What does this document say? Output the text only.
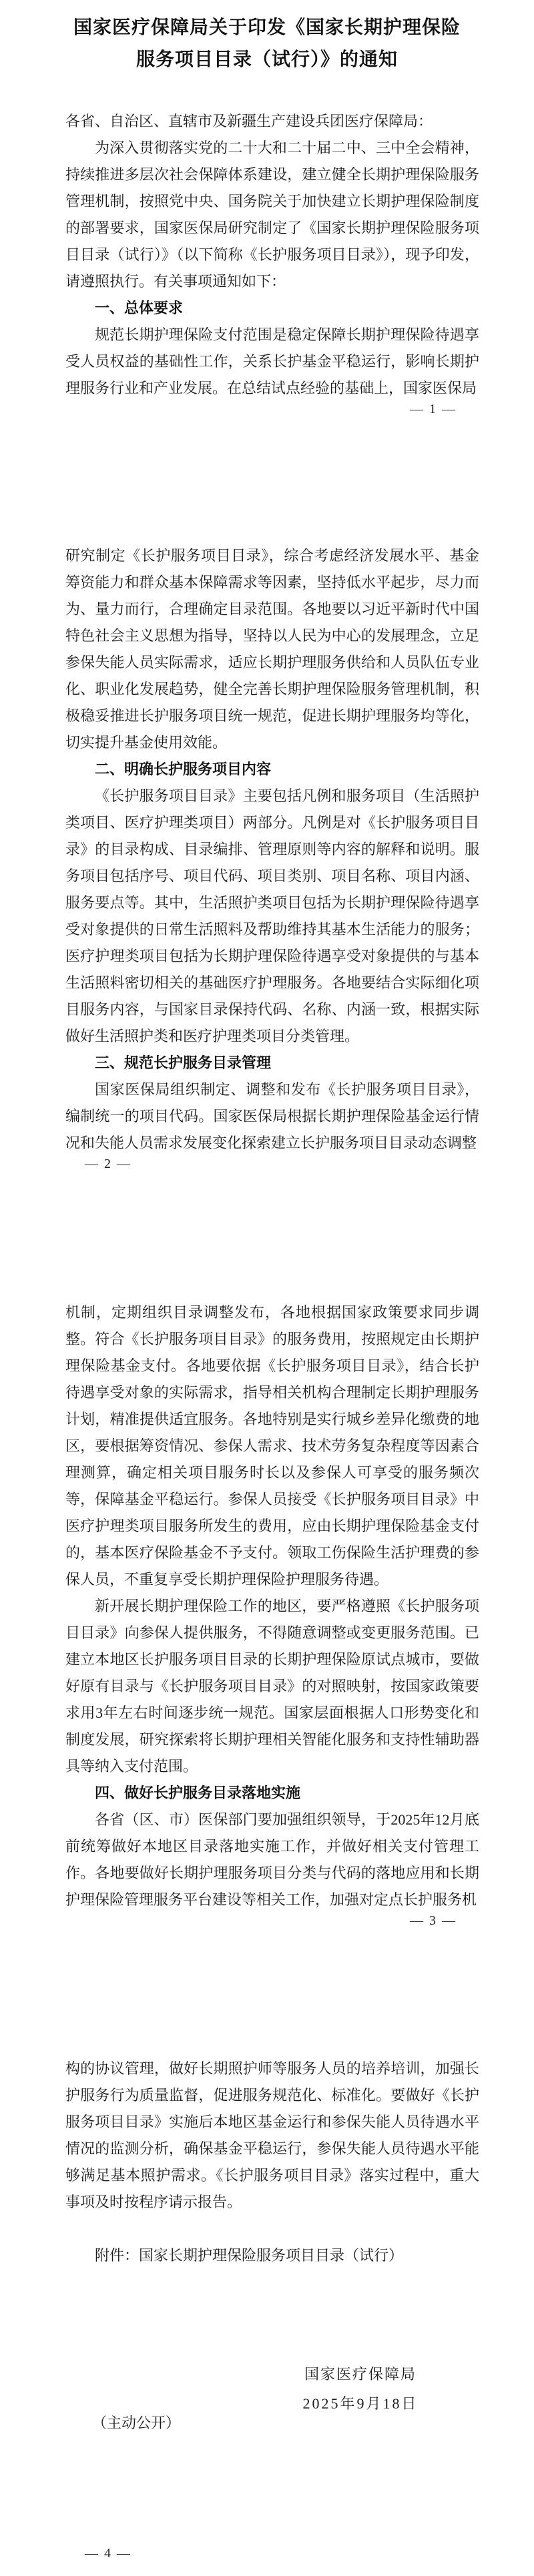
国家医疗保障局关于印发《国家长期护理保险
服务项目目录（试行）》的通知
各省、自治区、直辖市及新疆生产建设兵团医疗保障局：
为深入贯彻落实党的二十大和二十届二中、三中全会精神，持续推进多层次社会保障体系建设，建立健全长期护理保险服务管理机制，按照党中央、国务院关于加快建立长期护理保险制度的部署要求，国家医保局研究制定了《国家长期护理保险服务项目目录（试行）》（以下简称《长护服务项目目录》），现予印发，请遵照执行。有关事项通知如下：
一、总体要求
规范长期护理保险支付范围是稳定保障长期护理保险待遇享受人员权益的基础性工作，关系长护基金平稳运行，影响长期护理服务行业和产业发展。在总结试点经验的基础上，国家医保局
— 1 —
研究制定《长护服务项目目录》，综合考虑经济发展水平、基金筹资能力和群众基本保障需求等因素，坚持低水平起步，尽力而为、量力而行，合理确定目录范围。各地要以习近平新时代中国特色社会主义思想为指导，坚持以人民为中心的发展理念，立足参保失能人员实际需求，适应长期护理服务供给和人员队伍专业化、职业化发展趋势，健全完善长期护理保险服务管理机制，积极稳妥推进长护服务项目统一规范，促进长期护理服务均等化，切实提升基金使用效能。
二、明确长护服务项目内容
《长护服务项目目录》主要包括凡例和服务项目（生活照护类项目、医疗护理类项目）两部分。凡例是对《长护服务项目目录》的目录构成、目录编排、管理原则等内容的解释和说明。服务项目包括序号、项目代码、项目类别、项目名称、项目内涵、服务要点等。其中，生活照护类项目包括为长期护理保险待遇享受对象提供的日常生活照料及帮助维持其基本生活能力的服务；医疗护理类项目包括为长期护理保险待遇享受对象提供的与基本生活照料密切相关的基础医疗护理服务。各地要结合实际细化项目服务内容，与国家目录保持代码、名称、内涵一致，根据实际做好生活照护类和医疗护理类项目分类管理。
三、规范长护服务目录管理
国家医保局组织制定、调整和发布《长护服务项目目录》，编制统一的项目代码。国家医保局根据长期护理保险基金运行情况和失能人员需求发展变化探索建立长护服务项目目录动态调整
— 2 —
机制，定期组织目录调整发布，各地根据国家政策要求同步调整。符合《长护服务项目目录》的服务费用，按照规定由长期护理保险基金支付。各地要依据《长护服务项目目录》，结合长护待遇享受对象的实际需求，指导相关机构合理制定长期护理服务计划，精准提供适宜服务。各地特别是实行城乡差异化缴费的地区，要根据筹资情况、参保人需求、技术劳务复杂程度等因素合理测算，确定相关项目服务时长以及参保人可享受的服务频次等，保障基金平稳运行。参保人员接受《长护服务项目目录》中医疗护理类项目服务所发生的费用，应由长期护理保险基金支付的，基本医疗保险基金不予支付。领取工伤保险生活护理费的参保人员，不重复享受长期护理保险护理服务待遇。
新开展长期护理保险工作的地区，要严格遵照《长护服务项目目录》向参保人提供服务，不得随意调整或变更服务范围。已建立本地区长护服务项目目录的长期护理保险原试点城市，要做好原有目录与《长护服务项目目录》的对照映射，按国家政策要求用3年左右时间逐步统一规范。国家层面根据人口形势变化和制度发展，研究探索将长期护理相关智能化服务和支持性辅助器具等纳入支付范围。
四、做好长护服务目录落地实施
各省（区、市）医保部门要加强组织领导，于2025年12月底前统筹做好本地区目录落地实施工作，并做好相关支付管理工作。各地要做好长期护理服务项目分类与代码的落地应用和长期护理保险管理服务平台建设等相关工作，加强对定点长护服务机
— 3 —
构的协议管理，做好长期照护师等服务人员的培养培训，加强长护服务行为质量监督，促进服务规范化、标准化。要做好《长护服务项目目录》实施后本地区基金运行和参保失能人员待遇水平情况的监测分析，确保基金平稳运行，参保失能人员待遇水平能够满足基本照护需求。《长护服务项目目录》落实过程中，重大事项及时按程序请示报告。
附件：国家长期护理保险服务项目目录（试行）
国家医疗保障局
2025年9月18日
（主动公开）
— 4 —
